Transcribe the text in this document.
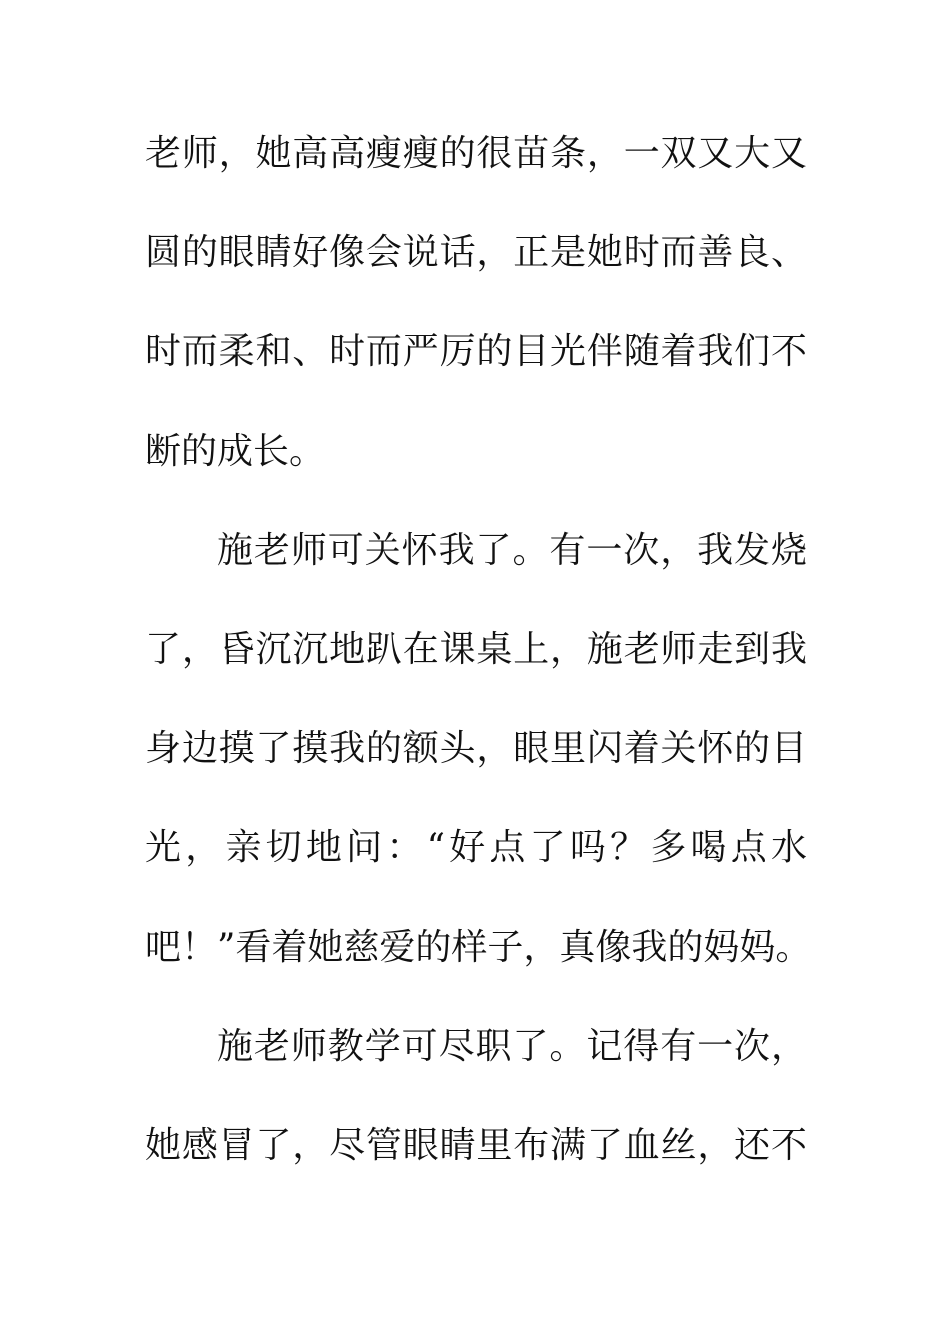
老师，她高高瘦瘦的很苗条，一双又大又
圆的眼睛好像会说话，正是她时而善良、
时而柔和、时而严厉的目光伴随着我们不
断的成长。
施老师可关怀我了。有一次，我发烧
了，昏沉沉地趴在课桌上，施老师走到我
身边摸了摸我的额头，眼里闪着关怀的目
光，亲切地问：“好点了吗？多喝点水
吧！”看着她慈爱的样子，真像我的妈妈。
施老师教学可尽职了。记得有一次，
她感冒了，尽管眼睛里布满了血丝，还不
